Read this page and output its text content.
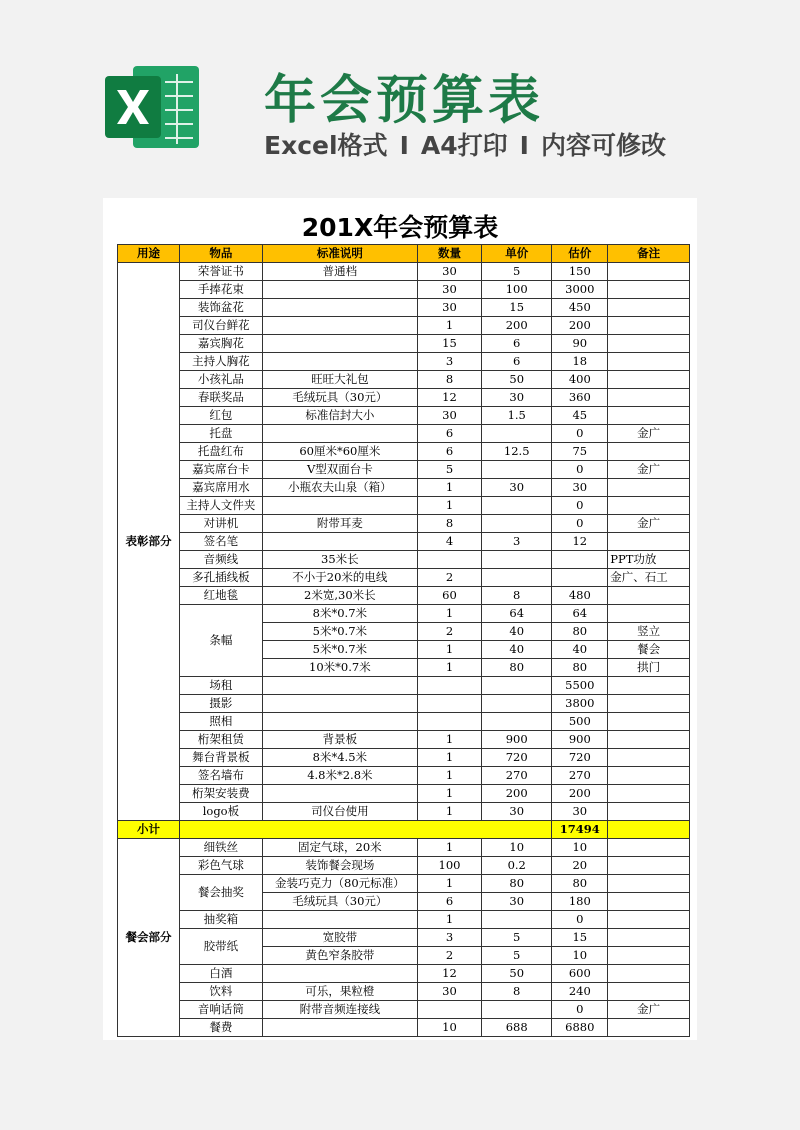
年会预算表
Excel格式 I A4打印 I 内容可修改
201X年会预算表
用途	物品	标准说明	数量	单价	估价	备注
表彰部分	荣誉证书	普通档	30	5	150	
	手捧花束		30	100	3000	
	装饰盆花		30	15	450	
	司仪台鲜花		1	200	200	
	嘉宾胸花		15	6	90	
	主持人胸花		3	6	18	
	小孩礼品	旺旺大礼包	8	50	400	
	春联奖品	毛绒玩具（30元）	12	30	360	
	红包	标准信封大小	30	1.5	45	
	托盘		6		0	金广
	托盘红布	60厘米*60厘米	6	12.5	75	
	嘉宾席台卡	V型双面台卡	5		0	金广
	嘉宾席用水	小瓶农夫山泉（箱）	1	30	30	
	主持人文件夹		1		0	
	对讲机	附带耳麦	8		0	金广
	签名笔		4	3	12	
	音频线	35米长				PPT功放
	多孔插线板	不小于20米的电线	2			金广、石工
	红地毯	2米宽,30米长	60	8	480	
	条幅	8米*0.7米	1	64	64	
		5米*0.7米	2	40	80	竖立
		5米*0.7米	1	40	40	餐会
		10米*0.7米	1	80	80	拱门
	场租				5500	
	摄影				3800	
	照相				500	
	桁架租赁	背景板	1	900	900	
	舞台背景板	8米*4.5米	1	720	720	
	签名墙布	4.8米*2.8米	1	270	270	
	桁架安装费		1	200	200	
	logo板	司仪台使用	1	30	30	
小计					17494	
餐会部分	细铁丝	固定气球，20米	1	10	10	
	彩色气球	装饰餐会现场	100	0.2	20	
	餐会抽奖	金装巧克力（80元标准）	1	80	80	
		毛绒玩具（30元）	6	30	180	
	抽奖箱		1		0	
	胶带纸	宽胶带	3	5	15	
		黄色窄条胶带	2	5	10	
	白酒		12	50	600	
	饮料	可乐，果粒橙	30	8	240	
	音响话筒	附带音频连接线			0	金广
	餐费		10	688	6880	
